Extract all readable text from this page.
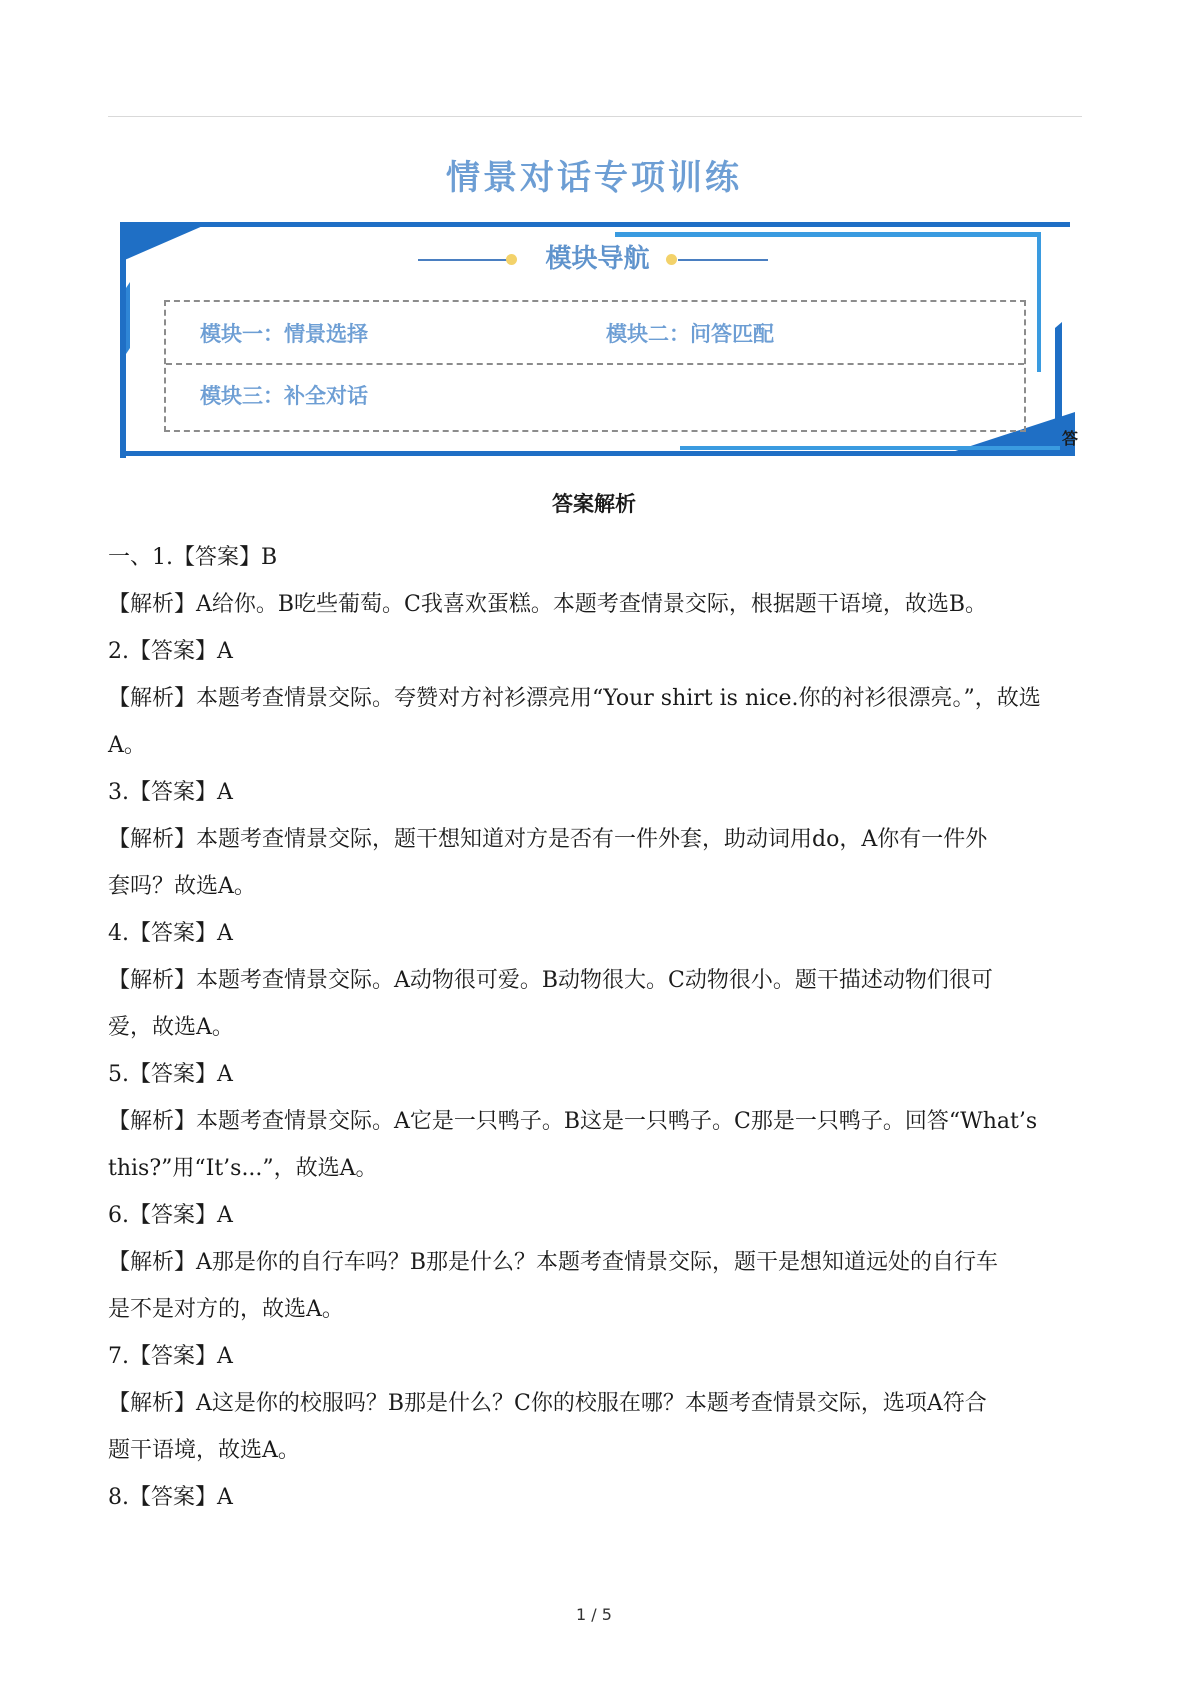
情景对话专项训练
模块导航
模块一：情景选择	模块二：问答匹配
模块三：补全对话
答
答案解析
一、1.【答案】B
【解析】A给你。B吃些葡萄。C我喜欢蛋糕。本题考查情景交际，根据题干语境，故选B。
2.【答案】A
【解析】本题考查情景交际。夸赞对方衬衫漂亮用“Your shirt is nice.你的衬衫很漂亮。”，故选
A。
3.【答案】A
【解析】本题考查情景交际，题干想知道对方是否有一件外套，助动词用do，A你有一件外
套吗？故选A。
4.【答案】A
【解析】本题考查情景交际。A动物很可爱。B动物很大。C动物很小。题干描述动物们很可
爱，故选A。
5.【答案】A
【解析】本题考查情景交际。A它是一只鸭子。B这是一只鸭子。C那是一只鸭子。回答“What’s
this?”用“It’s...”，故选A。
6.【答案】A
【解析】A那是你的自行车吗？B那是什么？本题考查情景交际，题干是想知道远处的自行车
是不是对方的，故选A。
7.【答案】A
【解析】A这是你的校服吗？B那是什么？C你的校服在哪？本题考查情景交际，选项A符合
题干语境，故选A。
8.【答案】A
1 / 5
